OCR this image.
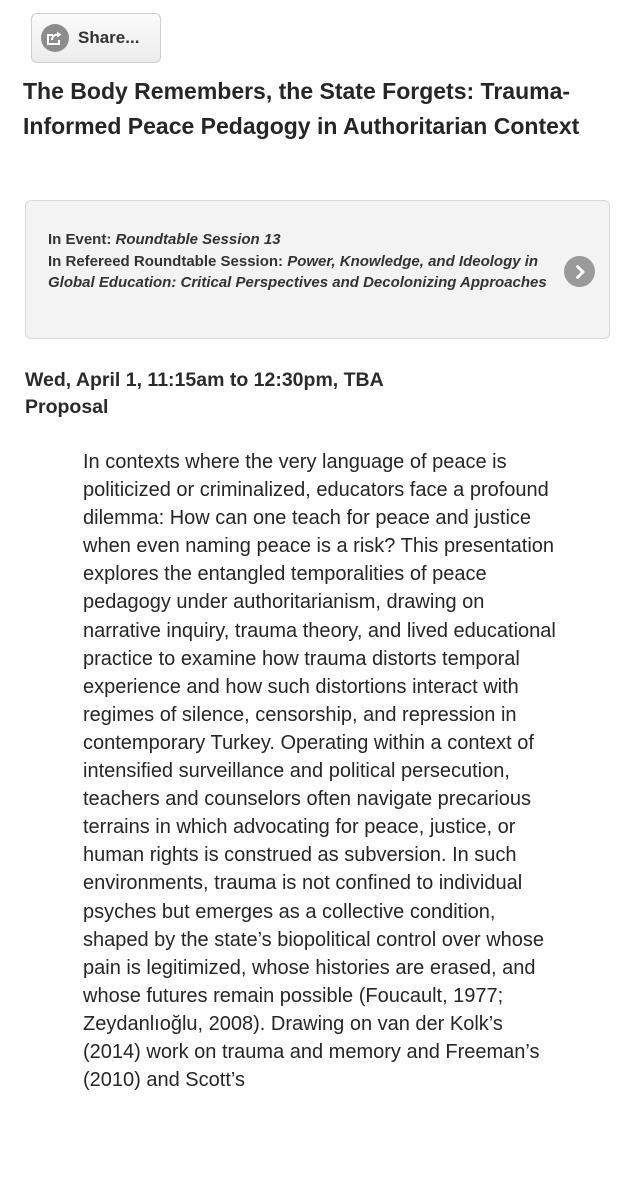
Share...
The Body Remembers, the State Forgets: Trauma-Informed Peace Pedagogy in Authoritarian Context
In Event: Roundtable Session 13
In Refereed Roundtable Session: Power, Knowledge, and Ideology in Global Education: Critical Perspectives and Decolonizing Approaches
Wed, April 1, 11:15am to 12:30pm, TBA
Proposal

In contexts where the very language of peace is politicized or criminalized, educators face a profound dilemma: How can one teach for peace and justice when even naming peace is a risk? This presentation explores the entangled temporalities of peace pedagogy under authoritarianism, drawing on narrative inquiry, trauma theory, and lived educational practice to examine how trauma distorts temporal experience and how such distortions interact with regimes of silence, censorship, and repression in contemporary Turkey. Operating within a context of intensified surveillance and political persecution, teachers and counselors often navigate precarious terrains in which advocating for peace, justice, or human rights is construed as subversion. In such environments, trauma is not confined to individual psyches but emerges as a collective condition, shaped by the state’s biopolitical control over whose pain is legitimized, whose histories are erased, and whose futures remain possible (Foucault, 1977; Zeydanlıoğlu, 2008). Drawing on van der Kolk’s (2014) work on trauma and memory and Freeman’s (2010) and Scott’s
